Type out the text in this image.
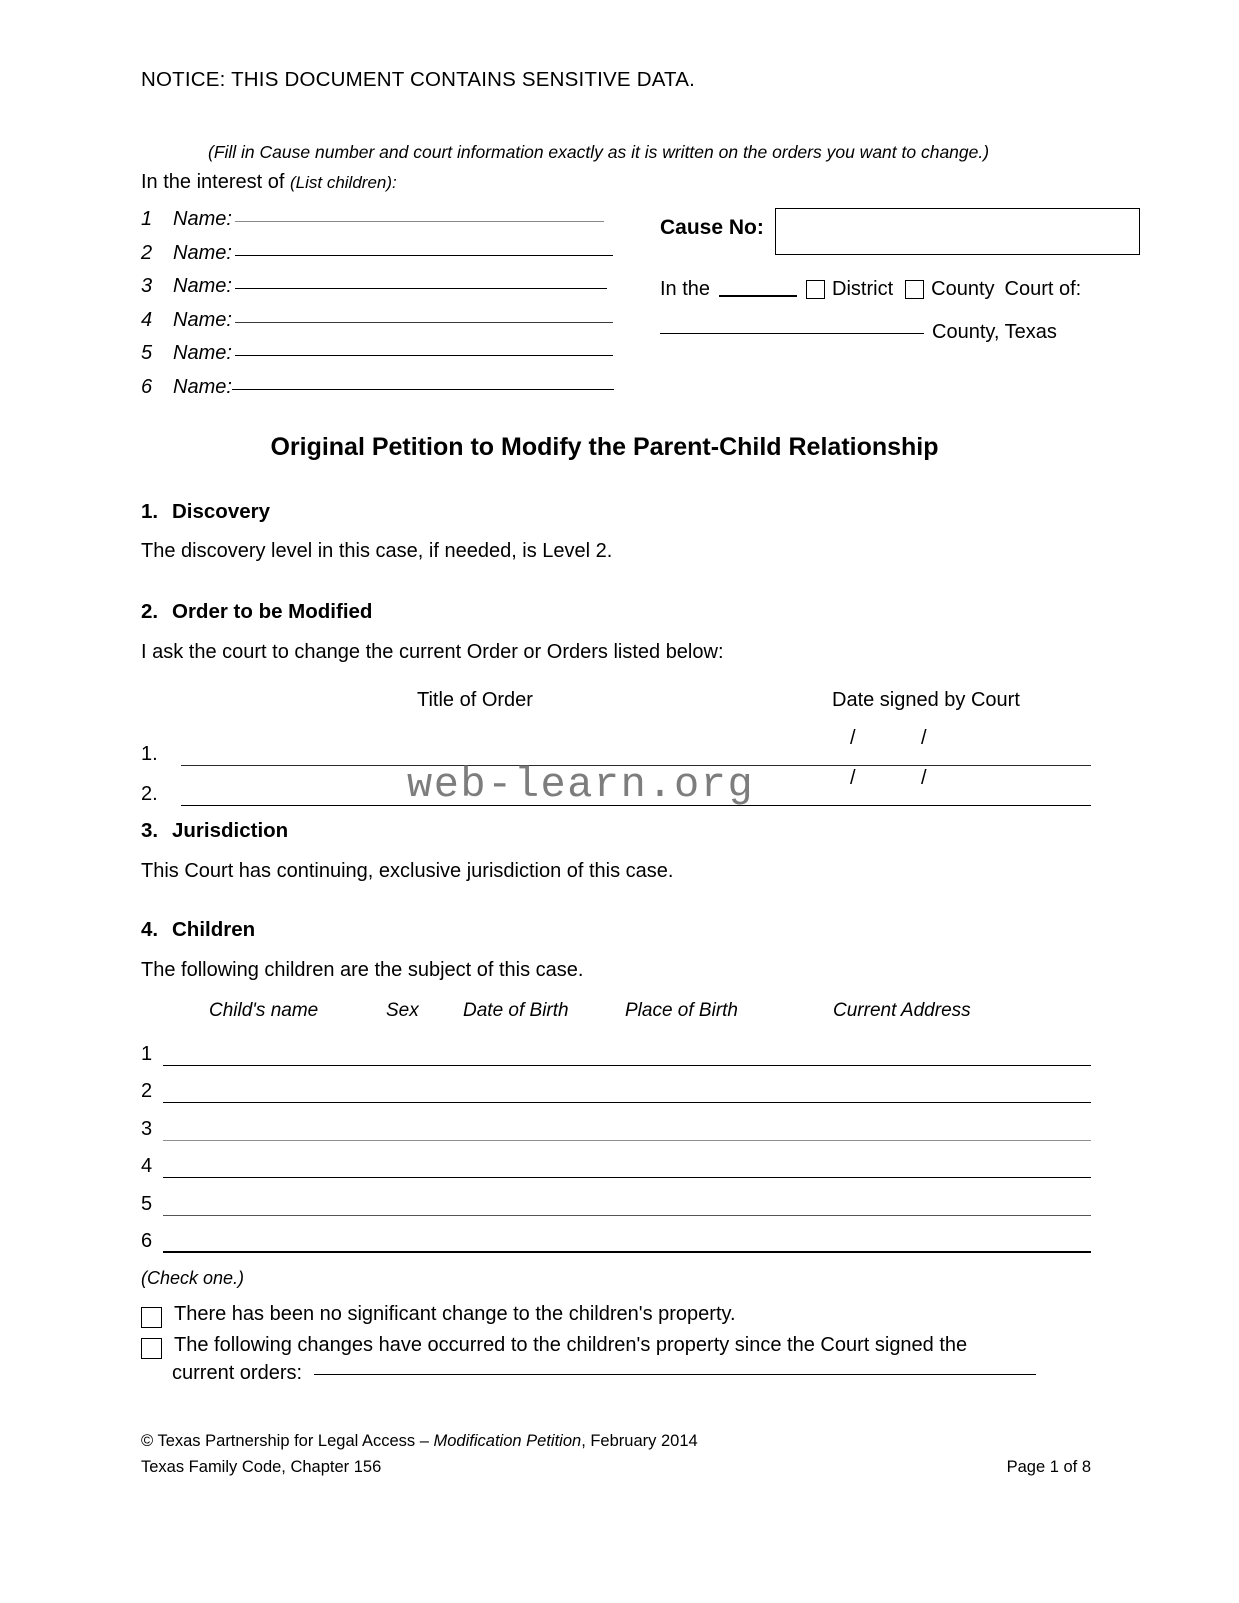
NOTICE: THIS DOCUMENT CONTAINS SENSITIVE DATA.
(Fill in Cause number and court information exactly as it is written on the orders you want to change.)
In the interest of (List children):
1	Name:
2	Name:
3	Name:
4	Name:
5	Name:
6	Name:
Cause No:
In the	District County Court of:
County, Texas
Original Petition to Modify the Parent-Child Relationship
1. Discovery
The discovery level in this case, if needed, is Level 2.
2. Order to be Modified
I ask the court to change the current Order or Orders listed below:
Title of Order	Date signed by Court
1.
/	/
2.
/	/
web-learn.org
3. Jurisdiction
This Court has continuing, exclusive jurisdiction of this case.
4. Children
The following children are the subject of this case.
Child's name	Sex Date of Birth	Place of Birth	Current Address
1
2
3
4
5
6
(Check one.)
There has been no significant change to the children's property.
The following changes have occurred to the children's property since the Court signed the
current orders:
© Texas Partnership for Legal Access – Modification Petition, February 2014
Texas Family Code, Chapter 156	Page 1 of 8
